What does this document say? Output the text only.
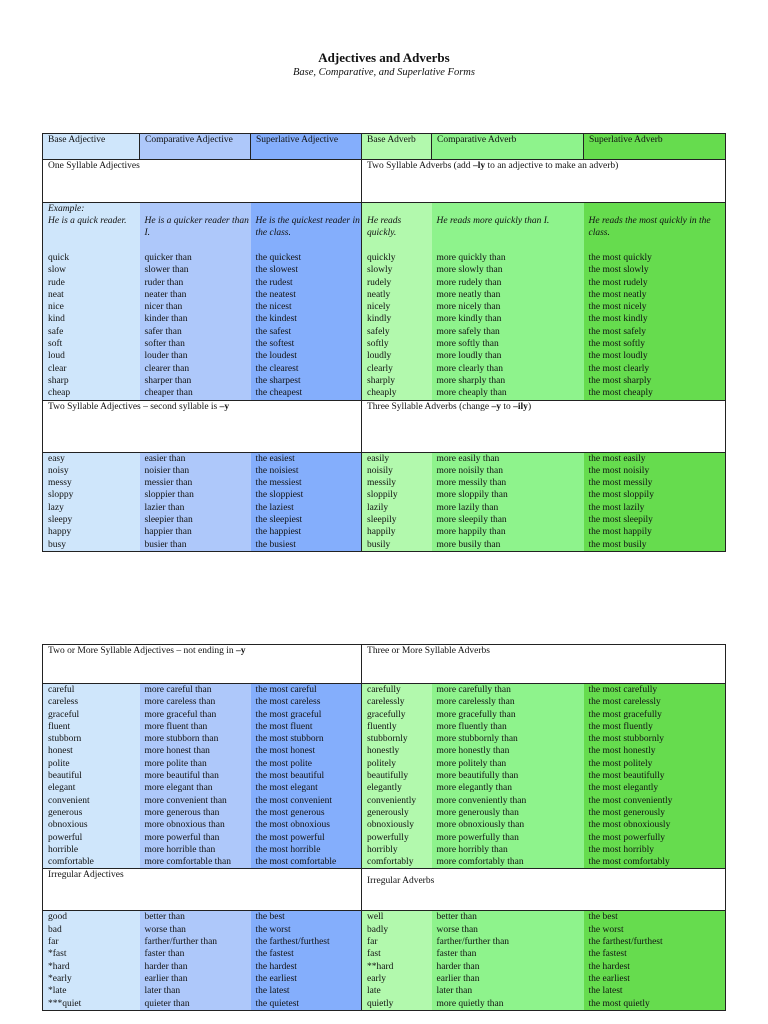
Adjectives and Adverbs
Base, Comparative, and Superlative Forms
Base Adjective	Comparative Adjective	Superlative Adjective	Base Adverb	Comparative Adverb	Superlative Adverb
One Syllable Adjectives			Two Syllable Adverbs (add –ly to an adjective to make an adverb)		
Example:
He is a quick reader.	He is a quicker reader than I.	He is the quickest reader in the class.	He reads quickly.	He reads more quickly than I.	He reads the most quickly in the class.
quick	quicker than	the quickest	quickly	more quickly than	the most quickly
slow	slower than	the slowest	slowly	more slowly than	the most slowly
rude	ruder than	the rudest	rudely	more rudely than	the most rudely
neat	neater than	the neatest	neatly	more neatly than	the most neatly
nice	nicer than	the nicest	nicely	more nicely than	the most nicely
kind	kinder than	the kindest	kindly	more kindly than	the most kindly
safe	safer than	the safest	safely	more safely than	the most safely
soft	softer than	the softest	softly	more softly than	the most softly
loud	louder than	the loudest	loudly	more loudly than	the most loudly
clear	clearer than	the clearest	clearly	more clearly than	the most clearly
sharp	sharper than	the sharpest	sharply	more sharply than	the most sharply
cheap	cheaper than	the cheapest	cheaply	more cheaply than	the most cheaply
Two Syllable Adjectives – second syllable is –y			Three Syllable Adverbs (change –y to –ily)		
easy	easier than	the easiest	easily	more easily than	the most easily
noisy	noisier than	the noisiest	noisily	more noisily than	the most noisily
messy	messier than	the messiest	messily	more messily than	the most messily
sloppy	sloppier than	the sloppiest	sloppily	more sloppily than	the most sloppily
lazy	lazier than	the laziest	lazily	more lazily than	the most lazily
sleepy	sleepier than	the sleepiest	sleepily	more sleepily than	the most sleepily
happy	happier than	the happiest	happily	more happily than	the most happily
busy	busier than	the busiest	busily	more busily than	the most busily
Two or More Syllable Adjectives – not ending in –y			Three or More Syllable Adverbs		
careful	more careful than	the most careful	carefully	more carefully than	the most carefully
careless	more careless than	the most careless	carelessly	more carelessly than	the most carelessly
graceful	more graceful than	the most graceful	gracefully	more gracefully than	the most gracefully
fluent	more fluent than	the most fluent	fluently	more fluently than	the most fluently
stubborn	more stubborn than	the most stubborn	stubbornly	more stubbornly than	the most stubbornly
honest	more honest than	the most honest	honestly	more honestly than	the most honestly
polite	more polite than	the most polite	politely	more politely than	the most politely
beautiful	more beautiful than	the most beautiful	beautifully	more beautifully than	the most beautifully
elegant	more elegant than	the most elegant	elegantly	more elegantly than	the most elegantly
convenient	more convenient than	the most convenient	conveniently	more conveniently than	the most conveniently
generous	more generous than	the most generous	generously	more generously than	the most generously
obnoxious	more obnoxious than	the most obnoxious	obnoxiously	more obnoxiously than	the most obnoxiously
powerful	more powerful than	the most powerful	powerfully	more powerfully than	the most powerfully
horrible	more horrible than	the most horrible	horribly	more horribly than	the most horribly
comfortable	more comfortable than	the most comfortable	comfortably	more comfortably than	the most comfortably
Irregular Adjectives			Irregular Adverbs		
good	better than	the best	well	better than	the best
bad	worse than	the worst	badly	worse than	the worst
far	farther/further than	the farthest/furthest	far	farther/further than	the farthest/furthest
*fast	faster than	the fastest	fast	faster than	the fastest
*hard	harder than	the hardest	**hard	harder than	the hardest
*early	earlier than	the earliest	early	earlier than	the earliest
*late	later than	the latest	late	later than	the latest
***quiet	quieter than	the quietest	quietly	more quietly than	the most quietly
